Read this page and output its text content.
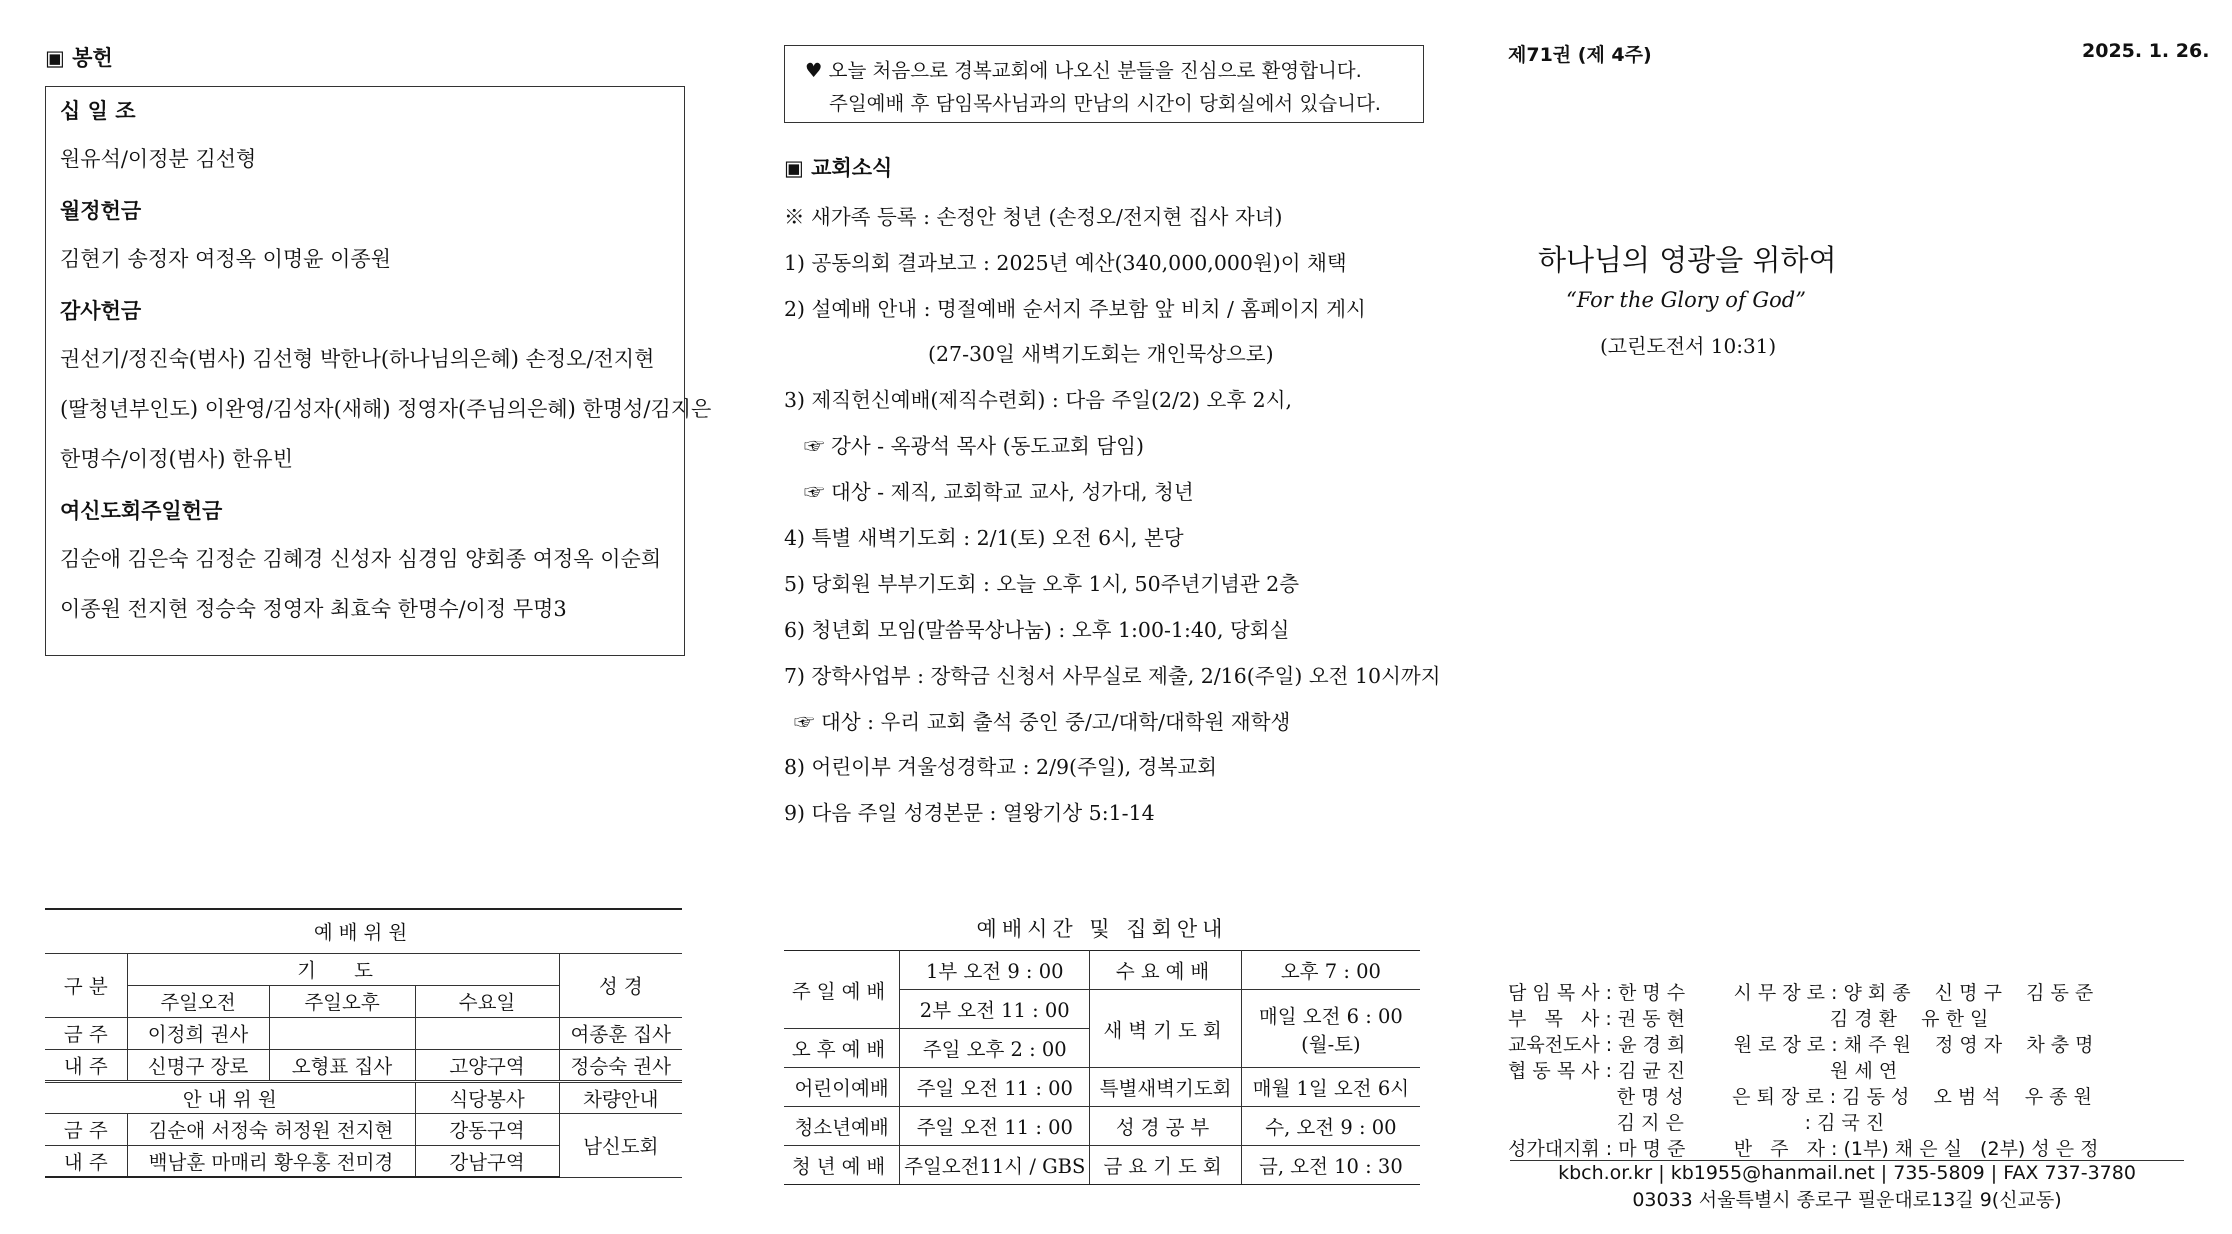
▣ 봉헌
십 일 조
원유석/이정분 김선형
월정헌금
김현기 송정자 여정옥 이명윤 이종원
감사헌금
권선기/정진숙(범사) 김선형 박한나(하나님의은혜) 손정오/전지현
(딸청년부인도) 이완영/김성자(새해) 정영자(주님의은혜) 한명성/김지은
한명수/이정(범사) 한유빈
여신도회주일헌금
김순애 김은숙 김정순 김혜경 신성자 심경임 양회종 여정옥 이순희
이종원 전지현 정승숙 정영자 최효숙 한명수/이정 무명3
♥ 오늘 처음으로 경복교회에 나오신 분들을 진심으로 환영합니다.
주일예배 후 담임목사님과의 만남의 시간이 당회실에서 있습니다.
▣ 교회소식
※ 새가족 등록 : 손정안 청년 (손정오/전지현 집사 자녀)
1) 공동의회 결과보고 : 2025년 예산(340,000,000원)이 채택
2) 설예배 안내 : 명절예배 순서지 주보함 앞 비치 / 홈페이지 게시
(27-30일 새벽기도회는 개인묵상으로)
3) 제직헌신예배(제직수련회) : 다음 주일(2/2) 오후 2시,
☞ 강사 - 옥광석 목사 (동도교회 담임)
☞ 대상 - 제직, 교회학교 교사, 성가대, 청년
4) 특별 새벽기도회 : 2/1(토) 오전 6시, 본당
5) 당회원 부부기도회 : 오늘 오후 1시, 50주년기념관 2층
6) 청년회 모임(말씀묵상나눔) : 오후 1:00-1:40, 당회실
7) 장학사업부 : 장학금 신청서 사무실로 제출, 2/16(주일) 오전 10시까지
☞ 대상 : 우리 교회 출석 중인 중/고/대학/대학원 재학생
8) 어린이부 겨울성경학교 : 2/9(주일), 경복교회
9) 다음 주일 성경본문 : 열왕기상 5:1-14
제71권 (제 4주)	2025. 1. 26.
하나님의 영광을 위하여
“For the Glory of God”
(고린도전서 10:31)
예배위원				
구 분	기 도			성 경
	주일오전	주일오후	수요일	
금 주	이정희 권사			여종훈 집사
내 주	신명구 장로	오형표 집사	고양구역	정승숙 권사
안 내 위 원			식당봉사	차량안내
금 주	김순애 서정숙 허정원 전지현		강동구역	남신도회
내 주	백남훈 마매리 황우홍 전미경		강남구역	
예배시간 및 집회안내
주일예배	1부 오전 9 : 00	수요예배	오후 7 : 00
	2부 오전 11 : 00	새벽기도회	매일 오전 6 : 00
(월-토)

오후예배	주일 오후 2 : 00		
어린이예배	주일 오전 11 : 00	특별새벽기도회	매월 1일 오전 6시
청소년예배	주일 오전 11 : 00	성경공부	수, 오전 9 : 00
청년예배	주일오전11시 / GBS	금요기도회	금, 오전 10 : 30
담 임 목 사 : 한 명 수        시 무 장 로 : 양 회 종    신 명 구    김 동 준
부   목   사 : 권 동 현                        김 경 환    유 한 일
교육전도사 : 윤 경 희        원 로 장 로 : 채 주 원    정 영 자    차 충 명
협 동 목 사 : 김 균 진                        원 세 연
한 명 성        은 퇴 장 로 : 김 동 성    오 범 석    우 종 원
김 지 은                    : 김 국 진
성가대지휘 : 마 명 준        반   주   자 : (1부) 채 은 실   (2부) 성 은 정
kbch.or.kr | kb1955@hanmail.net | 735-5809 | FAX 737-3780
03033 서울특별시 종로구 필운대로13길 9(신교동)
